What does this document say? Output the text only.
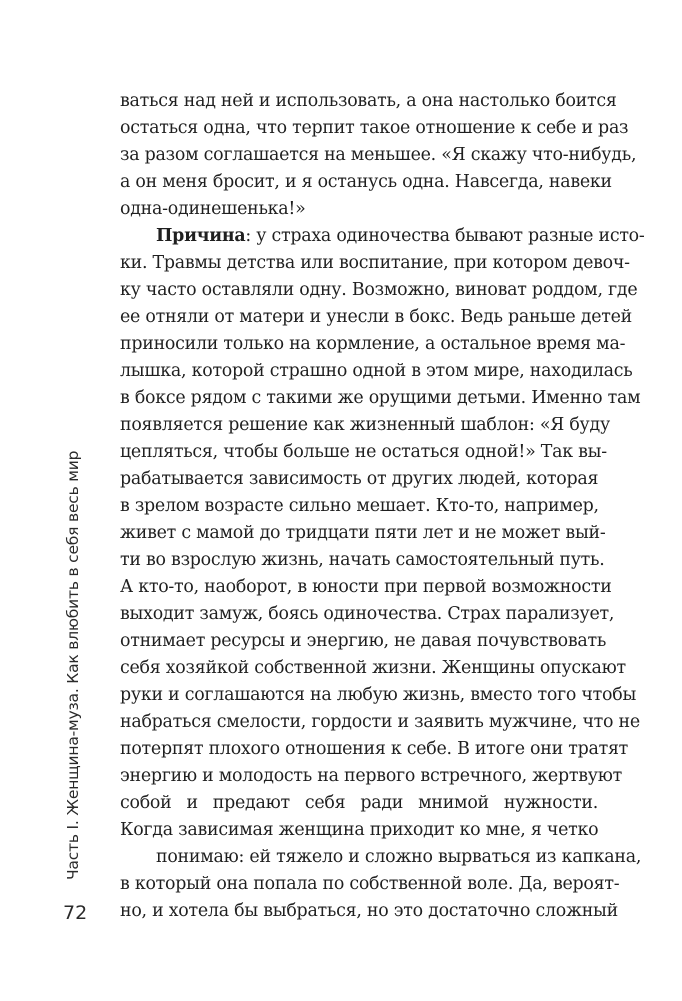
ваться над ней и использовать, а она настолько боится
остаться одна, что терпит такое отношение к себе и раз
за разом соглашается на меньшее. «Я скажу что-нибудь,
а он меня бросит, и я останусь одна. Навсегда, навеки
одна-одинешенька!»
Причина: у страха одиночества бывают разные исто-
ки. Травмы детства или воспитание, при котором девоч-
ку часто оставляли одну. Возможно, виноват роддом, где
ее отняли от матери и унесли в бокс. Ведь раньше детей
приносили только на кормление, а остальное время ма-
лышка, которой страшно одной в этом мире, находилась
в боксе рядом с такими же орущими детьми. Именно там
появляется решение как жизненный шаблон: «Я буду
цепляться, чтобы больше не остаться одной!» Так вы-
рабатывается зависимость от других людей, которая
в зрелом возрасте сильно мешает. Кто-то, например,
живет с мамой до тридцати пяти лет и не может вый-
ти во взрослую жизнь, начать самостоятельный путь.
А кто-то, наоборот, в юности при первой возможности
выходит замуж, боясь одиночества. Страх парализует,
отнимает ресурсы и энергию, не давая почувствовать
себя хозяйкой собственной жизни. Женщины опускают
руки и соглашаются на любую жизнь, вместо того чтобы
набраться смелости, гордости и заявить мужчине, что не
потерпят плохого отношения к себе. В итоге они тратят
энергию и молодость на первого встречного, жертвуют
собой и предают себя ради мнимой нужности.
Когда зависимая женщина приходит ко мне, я четко
понимаю: ей тяжело и сложно вырваться из капкана,
в который она попала по собственной воле. Да, вероят-
но, и хотела бы выбраться, но это достаточно сложный
Часть I. Женщина-муза. Как влюбить в себя весь мир
72
